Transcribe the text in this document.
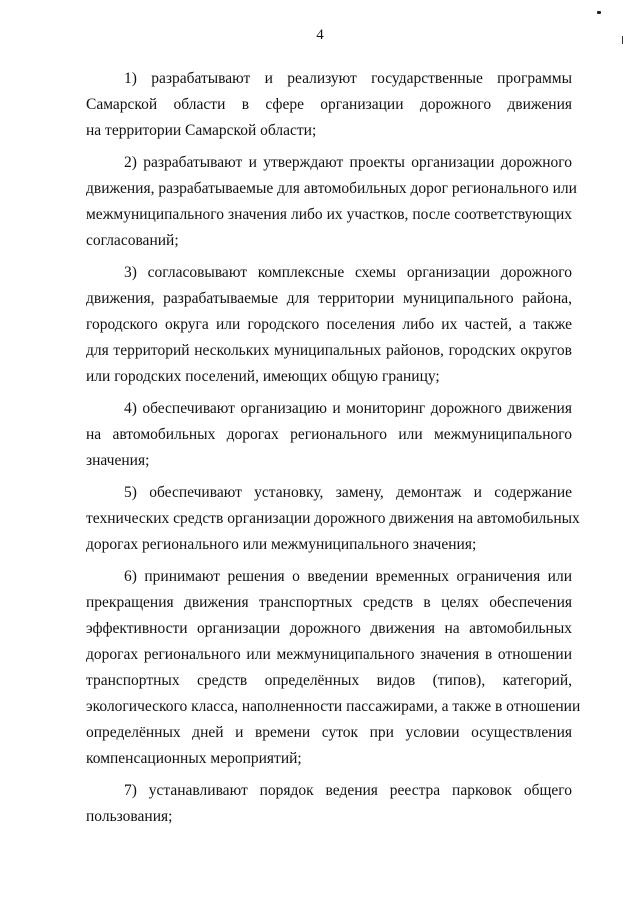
4
1) разрабатывают и реализуют государственные программы
Самарской области в сфере организации дорожного движения
на территории Самарской области;
2) разрабатывают и утверждают проекты организации дорожного
движения, разрабатываемые для автомобильных дорог регионального или
межмуниципального значения либо их участков, после соответствующих
согласований;
3) согласовывают комплексные схемы организации дорожного
движения, разрабатываемые для территории муниципального района,
городского округа или городского поселения либо их частей, а также
для территорий нескольких муниципальных районов, городских округов
или городских поселений, имеющих общую границу;
4) обеспечивают организацию и мониторинг дорожного движения
на автомобильных дорогах регионального или межмуниципального
значения;
5) обеспечивают установку, замену, демонтаж и содержание
технических средств организации дорожного движения на автомобильных
дорогах регионального или межмуниципального значения;
6) принимают решения о введении временных ограничения или
прекращения движения транспортных средств в целях обеспечения
эффективности организации дорожного движения на автомобильных
дорогах регионального или межмуниципального значения в отношении
транспортных средств определённых видов (типов), категорий,
экологического класса, наполненности пассажирами, а также в отношении
определённых дней и времени суток при условии осуществления
компенсационных мероприятий;
7) устанавливают порядок ведения реестра парковок общего
пользования;
